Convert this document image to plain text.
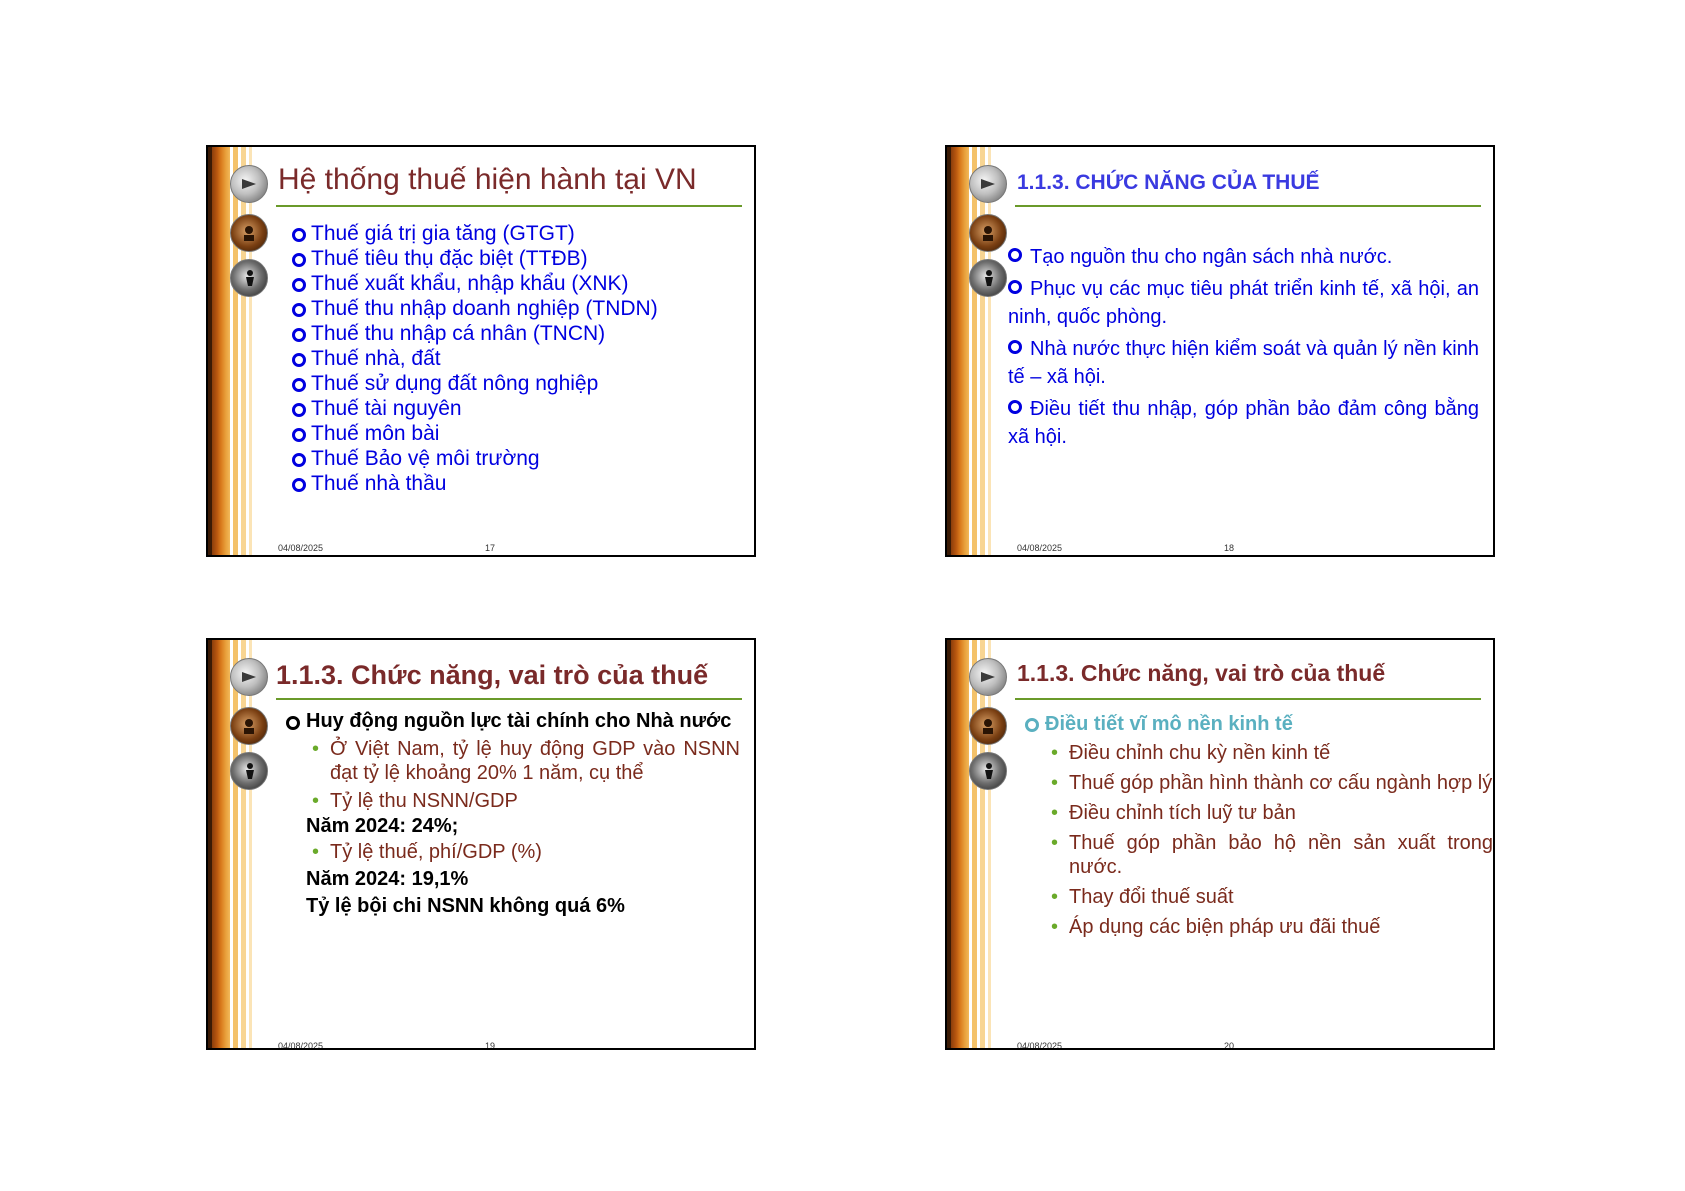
Hệ thống thuế hiện hành tại VN
Thuế giá trị gia tăng (GTGT)
Thuế tiêu thụ đặc biệt (TTĐB)
Thuế xuất khẩu, nhập khẩu (XNK)
Thuế thu nhập doanh nghiệp (TNDN)
Thuế thu nhập cá nhân (TNCN)
Thuế nhà, đất
Thuế sử dụng đất nông nghiệp
Thuế tài nguyên
Thuế môn bài
Thuế Bảo vệ môi trường
Thuế nhà thầu
04/08/2025	17
1.1.3. CHỨC NĂNG CỦA THUẾ
Tạo nguồn thu cho ngân sách nhà nước.
Phục vụ các mục tiêu phát triển kinh tế, xã hội, an ninh, quốc phòng.
Nhà nước thực hiện kiểm soát và quản lý nền kinh tế – xã hội.
Điều tiết thu nhập, góp phần bảo đảm công bằng xã hội.
04/08/2025	18
1.1.3. Chức năng, vai trò của thuế
Huy động nguồn lực tài chính cho Nhà nước
• Ở Việt Nam, tỷ lệ huy động GDP vào NSNN đạt tỷ lệ khoảng 20% 1 năm, cụ thể
• Tỷ lệ thu NSNN/GDP
Năm 2024: 24%;
• Tỷ lệ thuế, phí/GDP (%)
Năm 2024: 19,1%
Tỷ lệ bội chi NSNN không quá 6%
04/08/2025	19
1.1.3. Chức năng, vai trò của thuế
Điều tiết vĩ mô nền kinh tế
• Điều chỉnh chu kỳ nền kinh tế
• Thuế góp phần hình thành cơ cấu ngành hợp lý
• Điều chỉnh tích luỹ tư bản
• Thuế góp phần bảo hộ nền sản xuất trong nước.
• Thay đổi thuế suất
• Áp dụng các biện pháp ưu đãi thuế
04/08/2025	20
